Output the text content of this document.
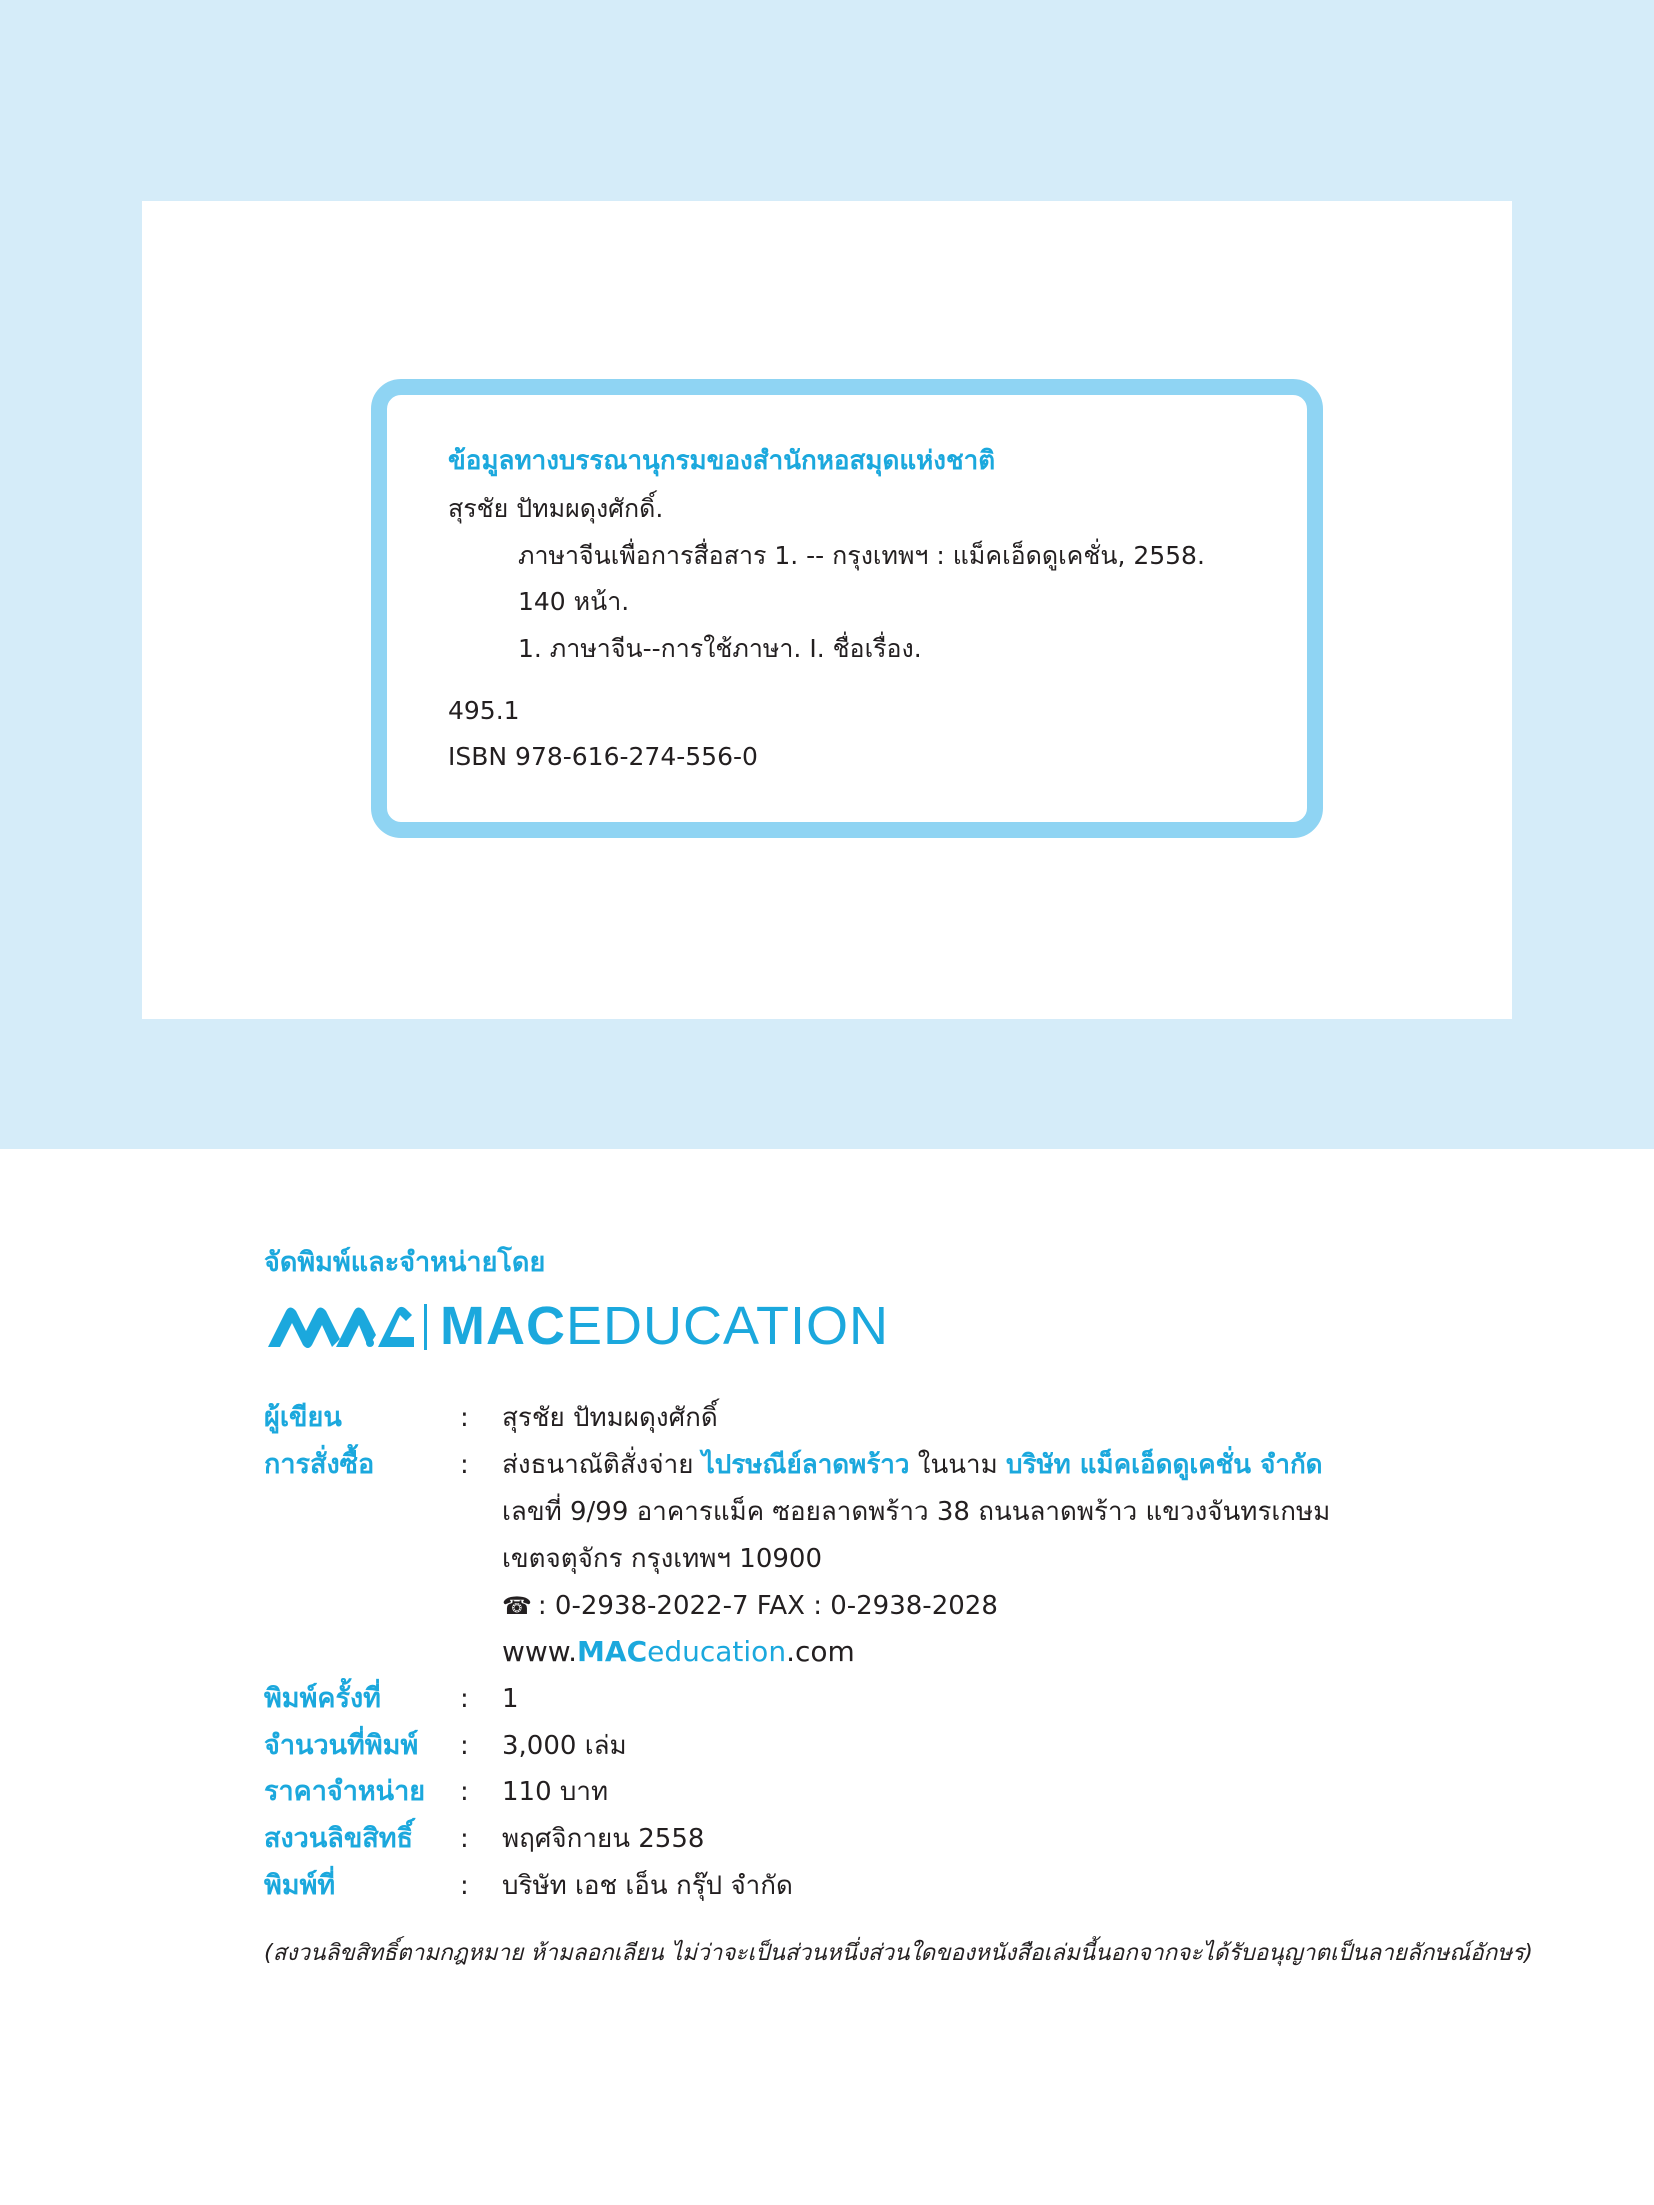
ข้อมูลทางบรรณานุกรมของสำนักหอสมุดแห่งชาติ
สุรชัย ปัทมผดุงศักดิ์.
ภาษาจีนเพื่อการสื่อสาร 1. -- กรุงเทพฯ : แม็คเอ็ดดูเคชั่น, 2558.
140 หน้า.
1. ภาษาจีน--การใช้ภาษา. I. ชื่อเรื่อง.
495.1
ISBN 978-616-274-556-0
จัดพิมพ์และจำหน่ายโดย
MACEDUCATION
ผู้เขียน	: สุรชัย ปัทมผดุงศักดิ์
การสั่งซื้อ	: ส่งธนาณัติสั่งจ่าย ไปรษณีย์ลาดพร้าว ในนาม บริษัท แม็คเอ็ดดูเคชั่น จำกัด
เลขที่ 9/99 อาคารแม็ค ซอยลาดพร้าว 38 ถนนลาดพร้าว แขวงจันทรเกษม
เขตจตุจักร กรุงเทพฯ 10900
☎ : 0-2938-2022-7 FAX : 0-2938-2028
www.MACeducation.com
พิมพ์ครั้งที่	: 1
จำนวนที่พิมพ์ : 3,000 เล่ม
ราคาจำหน่าย : 110 บาท
สงวนลิขสิทธิ์ : พฤศจิกายน 2558
พิมพ์ที่	: บริษัท เอช เอ็น กรุ๊ป จำกัด
(สงวนลิขสิทธิ์ตามกฎหมาย ห้ามลอกเลียน ไม่ว่าจะเป็นส่วนหนึ่งส่วนใดของหนังสือเล่มนี้นอกจากจะได้รับอนุญาตเป็นลายลักษณ์อักษร)
